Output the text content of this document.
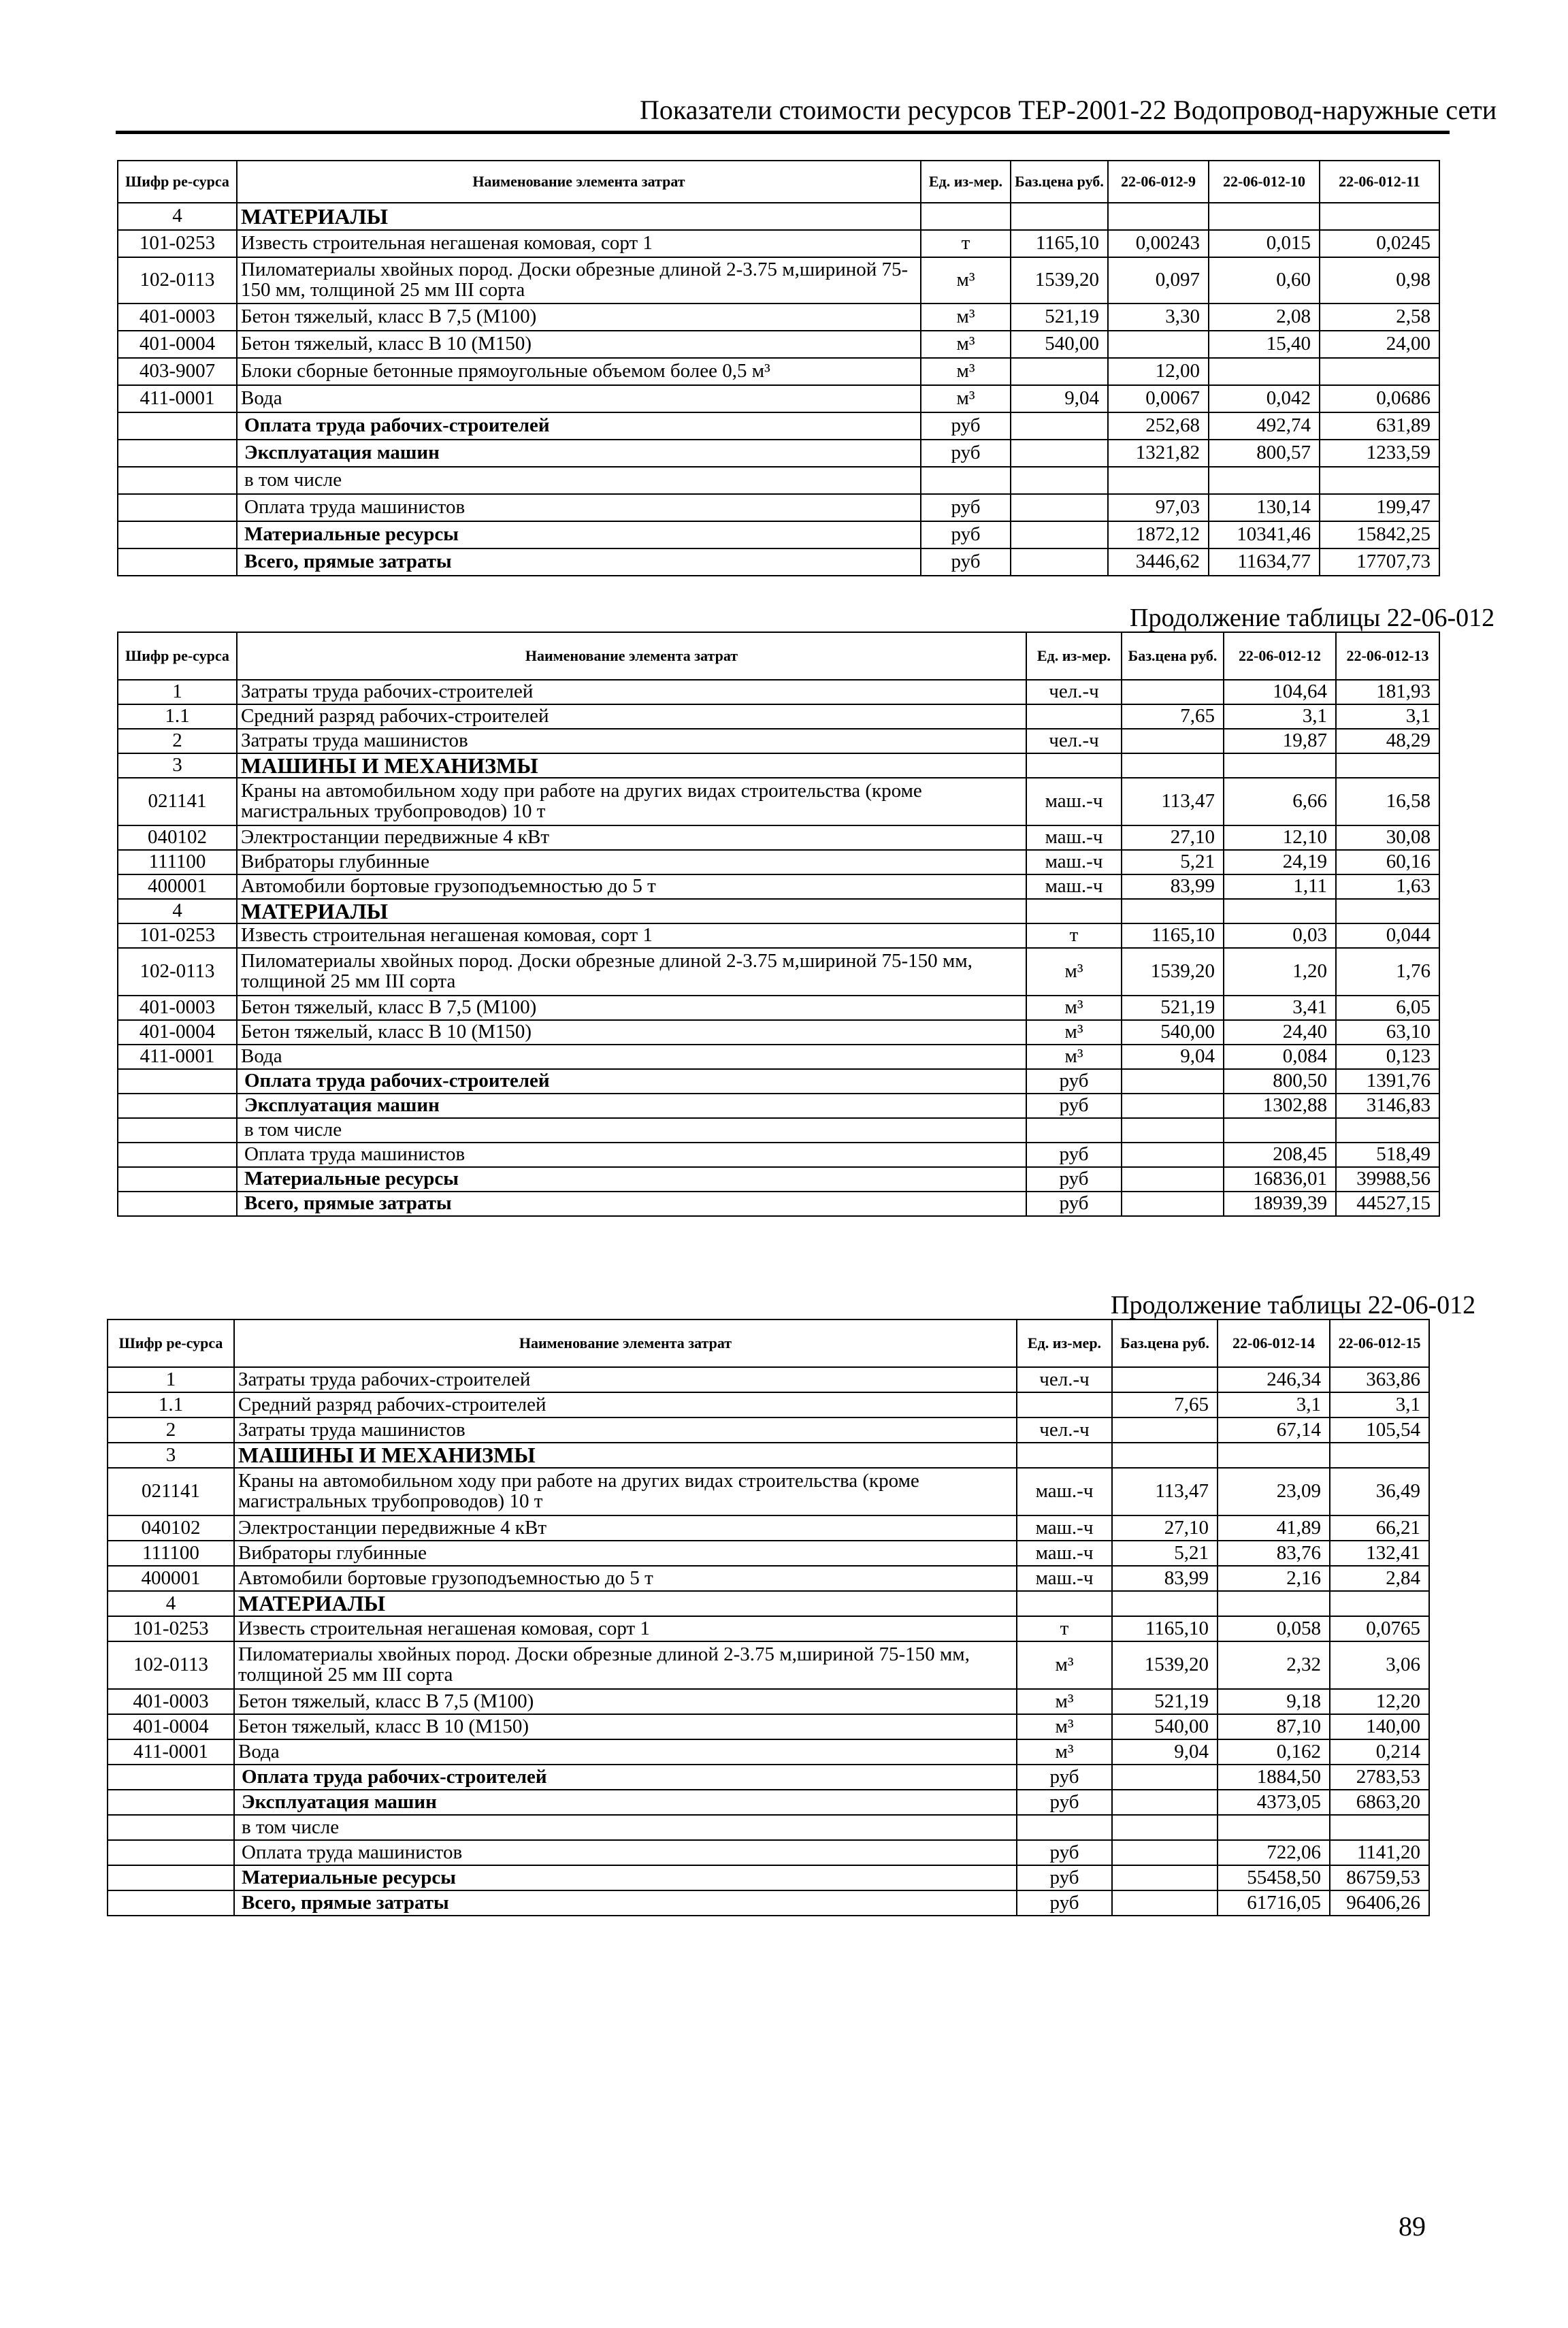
Показатели стоимости ресурсов ТЕР-2001-22 Водопровод-наружные сети
Шифр ре-сурса	Наименование элемента затрат	Ед. из-мер.	Баз.цена руб.	22-06-012-9	22-06-012-10	22-06-012-11
4	МАТЕРИАЛЫ					
101-0253	Известь строительная негашеная комовая, сорт 1	т	1165,10	0,00243	0,015	0,0245
102-0113	Пиломатериалы хвойных пород. Доски обрезные длиной 2-3.75 м,шириной 75-150 мм, толщиной 25 мм III сорта	м³	1539,20	0,097	0,60	0,98
401-0003	Бетон тяжелый, класс В 7,5 (М100)	м³	521,19	3,30	2,08	2,58
401-0004	Бетон тяжелый, класс В 10 (М150)	м³	540,00		15,40	24,00
403-9007	Блоки сборные бетонные прямоугольные объемом более 0,5 м³	м³		12,00		
411-0001	Вода	м³	9,04	0,0067	0,042	0,0686
	Оплата труда рабочих-строителей	руб		252,68	492,74	631,89
	Эксплуатация машин	руб		1321,82	800,57	1233,59
	в том числе					
	Оплата труда машинистов	руб		97,03	130,14	199,47
	Материальные ресурсы	руб		1872,12	10341,46	15842,25
	Всего, прямые затраты	руб		3446,62	11634,77	17707,73
Продолжение таблицы 22-06-012
Шифр ре-сурса	Наименование элемента затрат	Ед. из-мер.	Баз.цена руб.	22-06-012-12	22-06-012-13
1	Затраты труда рабочих-строителей	чел.-ч		104,64	181,93
1.1	Средний разряд рабочих-строителей		7,65	3,1	3,1
2	Затраты труда машинистов	чел.-ч		19,87	48,29
3	МАШИНЫ И МЕХАНИЗМЫ				
021141	Краны на автомобильном ходу при работе на других видах строительства (кроме магистральных трубопроводов) 10 т	маш.-ч	113,47	6,66	16,58
040102	Электростанции передвижные 4 кВт	маш.-ч	27,10	12,10	30,08
111100	Вибраторы глубинные	маш.-ч	5,21	24,19	60,16
400001	Автомобили бортовые грузоподъемностью до 5 т	маш.-ч	83,99	1,11	1,63
4	МАТЕРИАЛЫ				
101-0253	Известь строительная негашеная комовая, сорт 1	т	1165,10	0,03	0,044
102-0113	Пиломатериалы хвойных пород. Доски обрезные длиной 2-3.75 м,шириной 75-150 мм, толщиной 25 мм III сорта	м³	1539,20	1,20	1,76
401-0003	Бетон тяжелый, класс В 7,5 (М100)	м³	521,19	3,41	6,05
401-0004	Бетон тяжелый, класс В 10 (М150)	м³	540,00	24,40	63,10
411-0001	Вода	м³	9,04	0,084	0,123
	Оплата труда рабочих-строителей	руб		800,50	1391,76
	Эксплуатация машин	руб		1302,88	3146,83
	в том числе				
	Оплата труда машинистов	руб		208,45	518,49
	Материальные ресурсы	руб		16836,01	39988,56
	Всего, прямые затраты	руб		18939,39	44527,15
Продолжение таблицы 22-06-012
Шифр ре-сурса	Наименование элемента затрат	Ед. из-мер.	Баз.цена руб.	22-06-012-14	22-06-012-15
1	Затраты труда рабочих-строителей	чел.-ч		246,34	363,86
1.1	Средний разряд рабочих-строителей		7,65	3,1	3,1
2	Затраты труда машинистов	чел.-ч		67,14	105,54
3	МАШИНЫ И МЕХАНИЗМЫ				
021141	Краны на автомобильном ходу при работе на других видах строительства (кроме магистральных трубопроводов) 10 т	маш.-ч	113,47	23,09	36,49
040102	Электростанции передвижные 4 кВт	маш.-ч	27,10	41,89	66,21
111100	Вибраторы глубинные	маш.-ч	5,21	83,76	132,41
400001	Автомобили бортовые грузоподъемностью до 5 т	маш.-ч	83,99	2,16	2,84
4	МАТЕРИАЛЫ				
101-0253	Известь строительная негашеная комовая, сорт 1	т	1165,10	0,058	0,0765
102-0113	Пиломатериалы хвойных пород. Доски обрезные длиной 2-3.75 м,шириной 75-150 мм, толщиной 25 мм III сорта	м³	1539,20	2,32	3,06
401-0003	Бетон тяжелый, класс В 7,5 (М100)	м³	521,19	9,18	12,20
401-0004	Бетон тяжелый, класс В 10 (М150)	м³	540,00	87,10	140,00
411-0001	Вода	м³	9,04	0,162	0,214
	Оплата труда рабочих-строителей	руб		1884,50	2783,53
	Эксплуатация машин	руб		4373,05	6863,20
	в том числе				
	Оплата труда машинистов	руб		722,06	1141,20
	Материальные ресурсы	руб		55458,50	86759,53
	Всего, прямые затраты	руб		61716,05	96406,26
89
